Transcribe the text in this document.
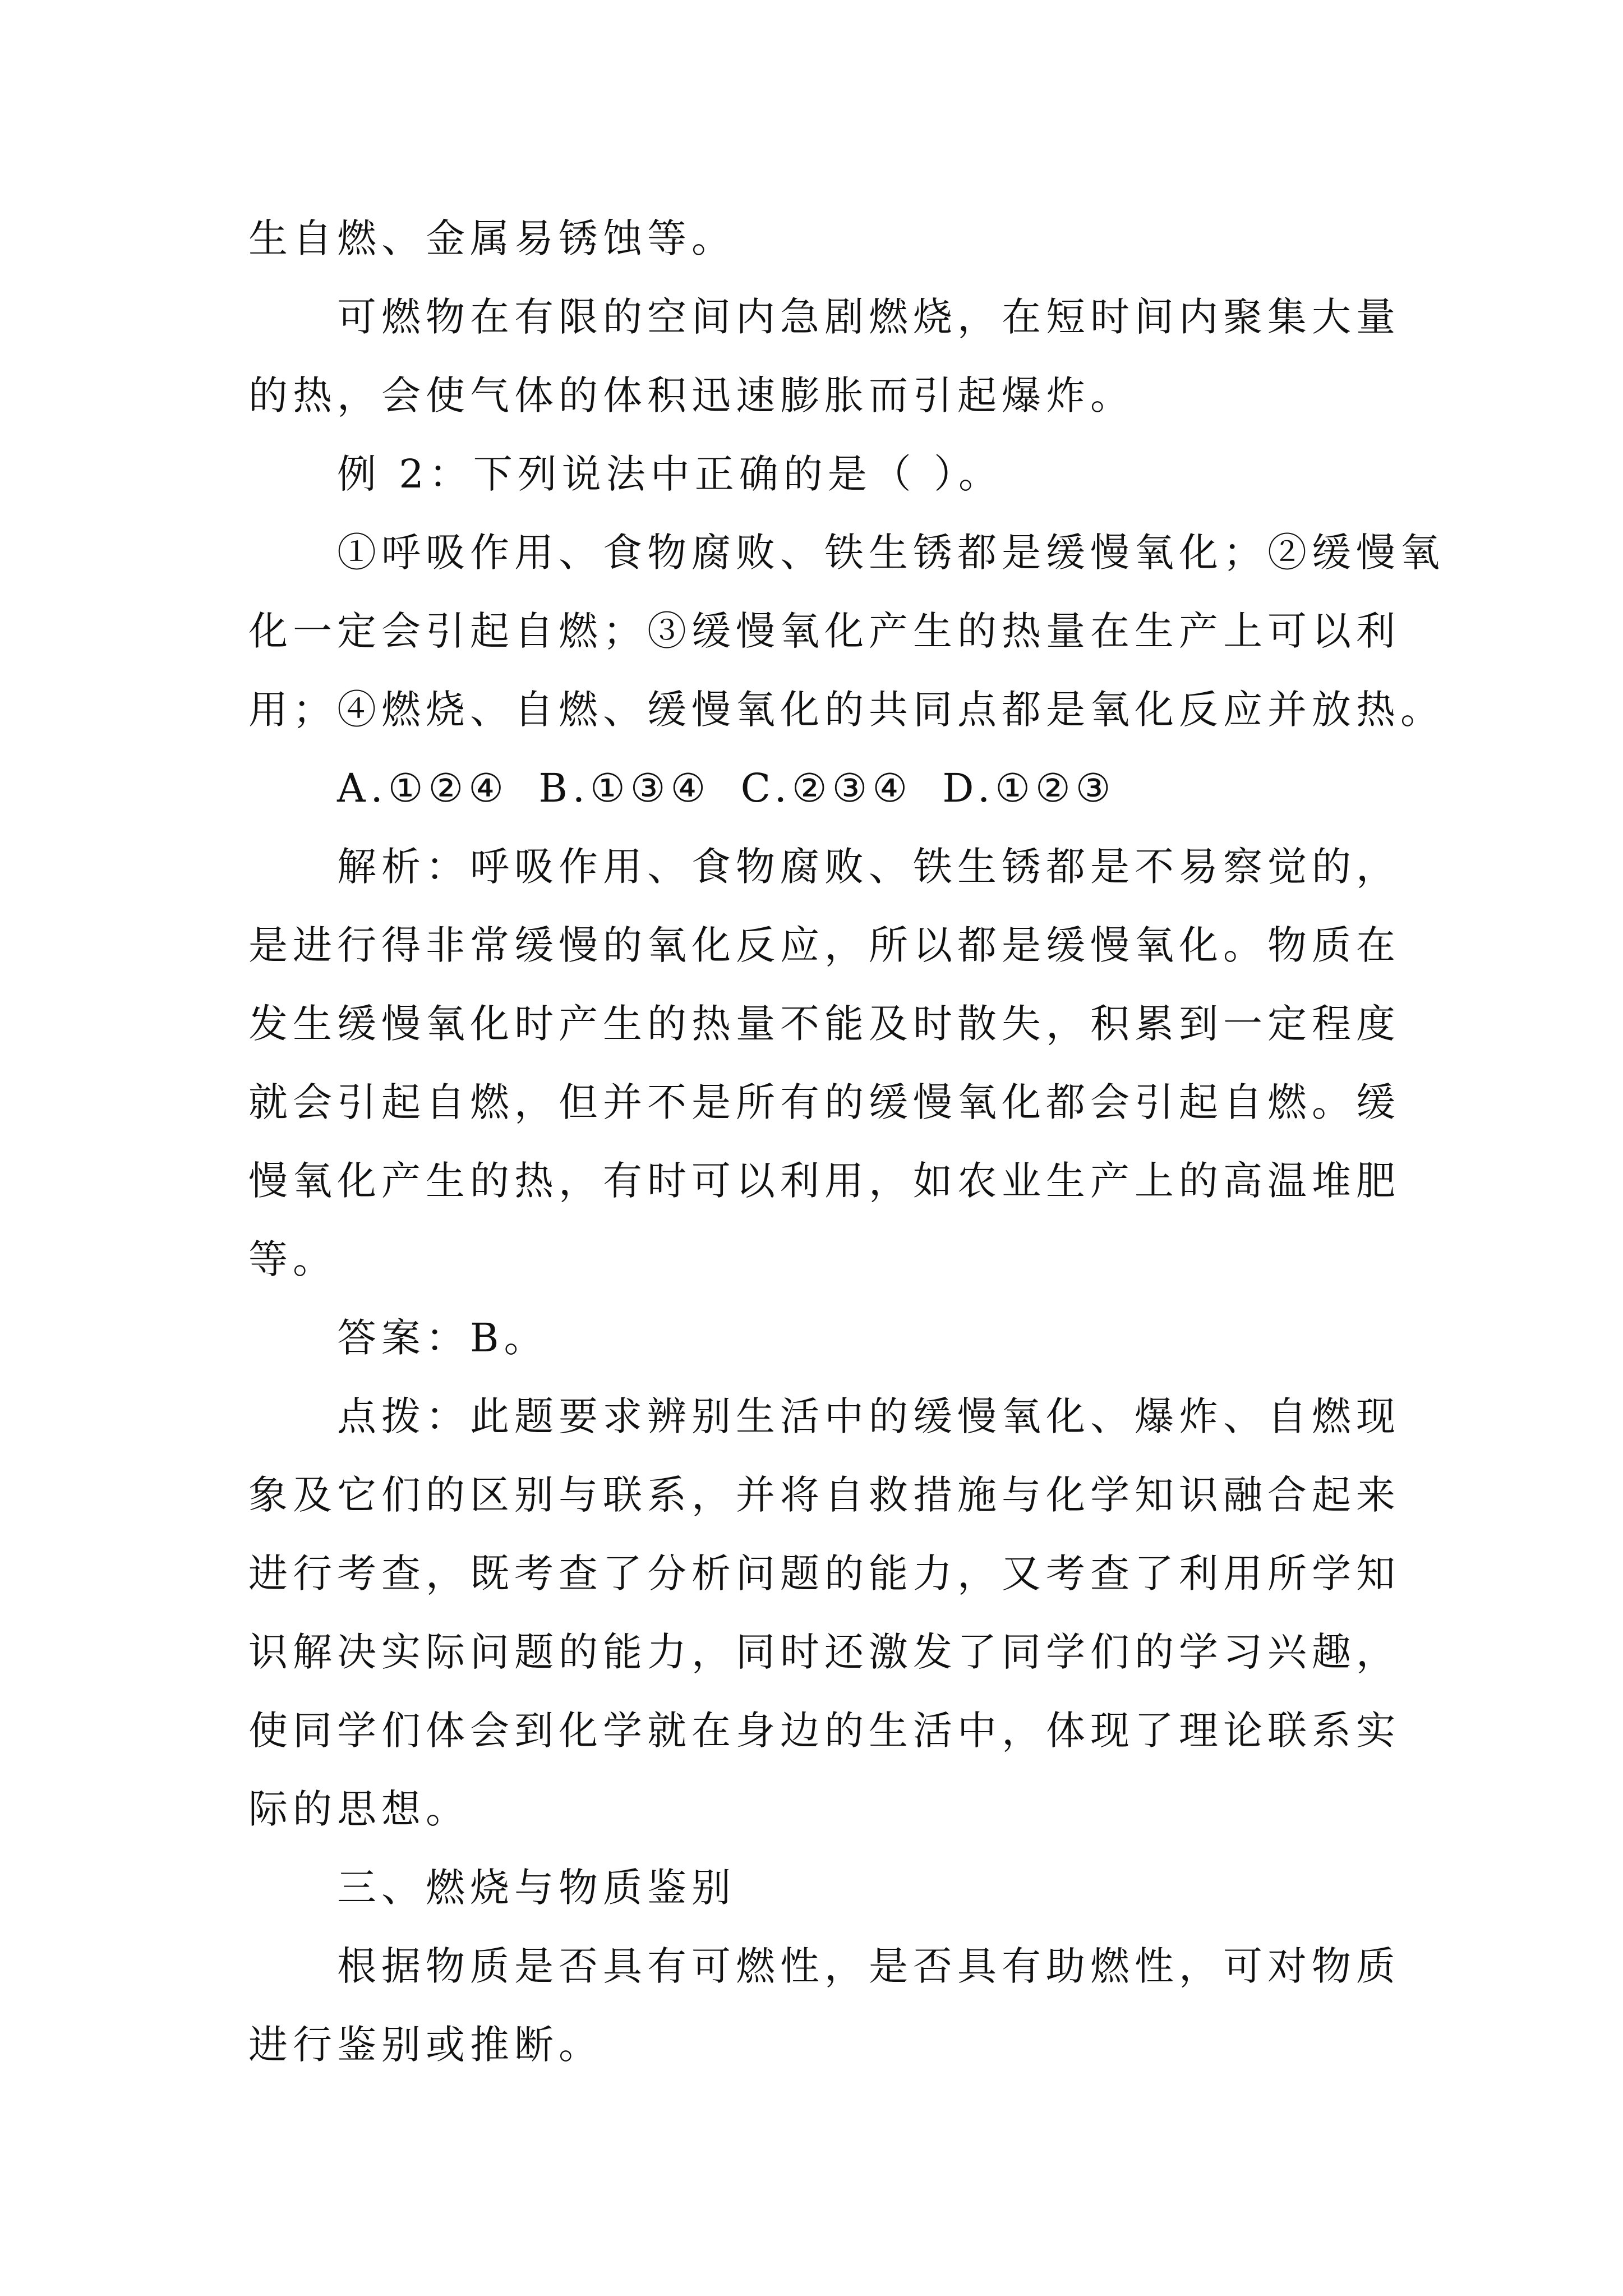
生自燃、金属易锈蚀等。

可燃物在有限的空间内急剧燃烧，在短时间内聚集大量
的热，会使气体的体积迅速膨胀而引起爆炸。

例 2：下列说法中正确的是（ ）。

①呼吸作用、食物腐败、铁生锈都是缓慢氧化；②缓慢氧
化一定会引起自燃；③缓慢氧化产生的热量在生产上可以利
用；④燃烧、自燃、缓慢氧化的共同点都是氧化反应并放热。

A.①②④ B.①③④ C.②③④ D.①②③

解析：呼吸作用、食物腐败、铁生锈都是不易察觉的，
是进行得非常缓慢的氧化反应，所以都是缓慢氧化。物质在
发生缓慢氧化时产生的热量不能及时散失，积累到一定程度
就会引起自燃，但并不是所有的缓慢氧化都会引起自燃。缓
慢氧化产生的热，有时可以利用，如农业生产上的高温堆肥
等。

答案：B。

点拨：此题要求辨别生活中的缓慢氧化、爆炸、自燃现
象及它们的区别与联系，并将自救措施与化学知识融合起来
进行考查，既考查了分析问题的能力，又考查了利用所学知
识解决实际问题的能力，同时还激发了同学们的学习兴趣，
使同学们体会到化学就在身边的生活中，体现了理论联系实
际的思想。

三、燃烧与物质鉴别

根据物质是否具有可燃性，是否具有助燃性，可对物质
进行鉴别或推断。
